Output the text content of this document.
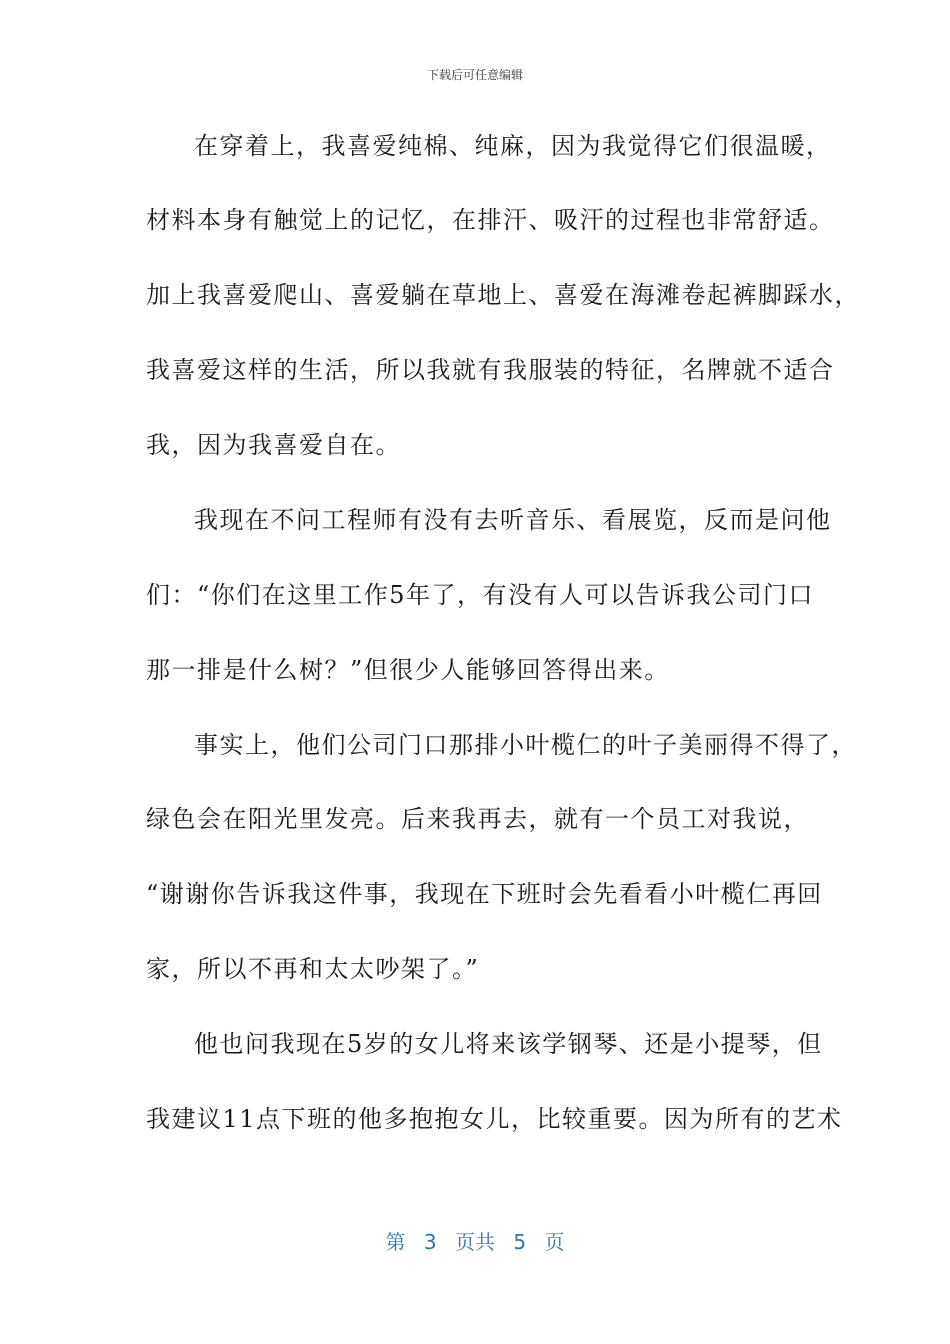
下载后可任意编辑
在穿着上，我喜爱纯棉、纯麻，因为我觉得它们很温暖，
材料本身有触觉上的记忆，在排汗、吸汗的过程也非常舒适。
加上我喜爱爬山、喜爱躺在草地上、喜爱在海滩卷起裤脚踩水，
我喜爱这样的生活，所以我就有我服装的特征，名牌就不适合
我，因为我喜爱自在。
我现在不问工程师有没有去听音乐、看展览，反而是问他
们：“你们在这里工作5年了，有没有人可以告诉我公司门口
那一排是什么树？”但很少人能够回答得出来。
事实上，他们公司门口那排小叶榄仁的叶子美丽得不得了，
绿色会在阳光里发亮。后来我再去，就有一个员工对我说，
“谢谢你告诉我这件事，我现在下班时会先看看小叶榄仁再回
家，所以不再和太太吵架了。”
他也问我现在5岁的女儿将来该学钢琴、还是小提琴，但
我建议11点下班的他多抱抱女儿，比较重要。因为所有的艺术
第 3 页共 5 页
